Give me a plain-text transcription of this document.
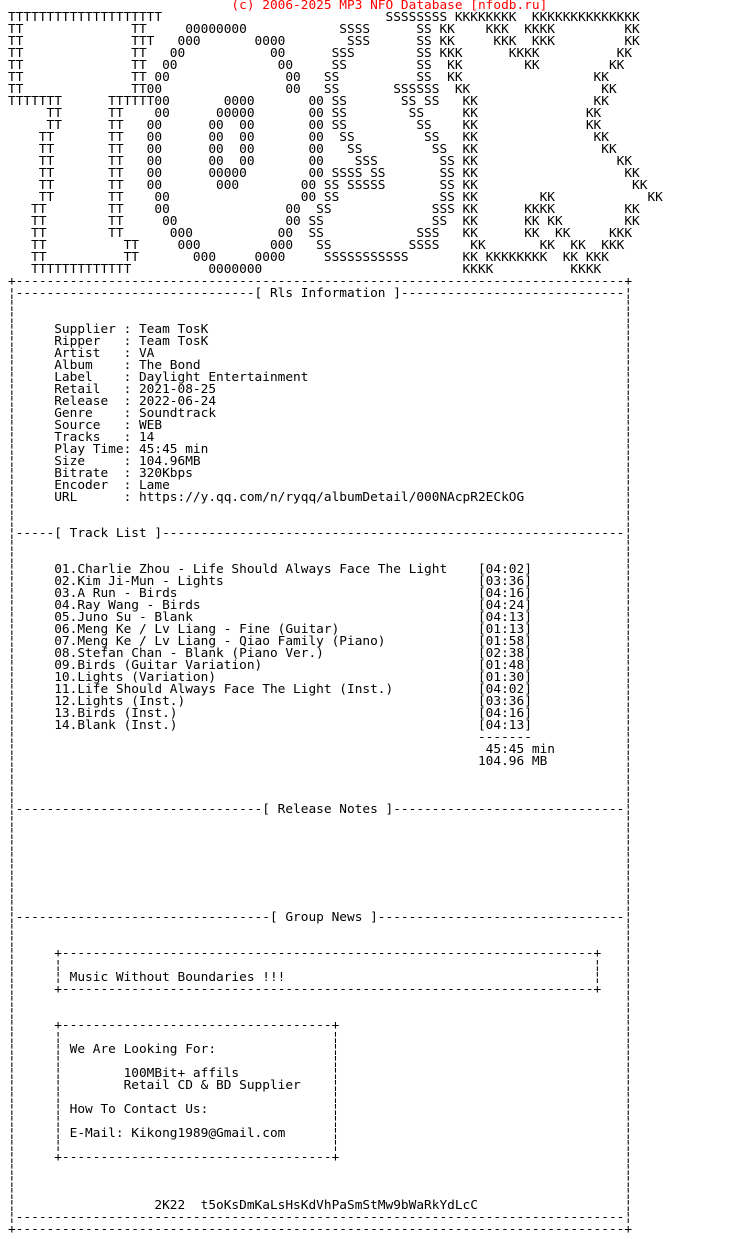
(c) 2006-2025 MP3 NFO Database [nfodb.ru]
TTTTTTTTTTTTTTTTTTTT                             SSSSSSSS KKKKKKKK  KKKKKKKKKKKKKK
TT              TT     00000000            SSSS      SS KK    KKK  KKKK         KK
TT              TTT   000       0000        SSS      SS KK     KKK  KKK         KK
TT              TT   00           00      SSS        SS KKK      KKKK          KK
TT              TT  00             00     SS         SS  KK        KK         KK
TT              TT 00               00   SS          SS  KK                 KK
TT              TT00                00   SS       SSSSSS  KK                 KK
TTTTTTT      TTTTTT00       0000       00 SS       SS SS   KK               KK
TT      TT    00      00000       00 SS        SS     KK              KK
TT      TT   00      00  00       00 SS         SS    KK              KK
TT       TT   00      00  00       00  SS         SS   KK               KK
TT       TT   00      00  00       00   SS         SS  KK                KK
TT       TT   00      00  00       00    SSS        SS KK                  KK
TT       TT   00      00000        00 SSSS SS       SS KK                   KK
TT       TT   00       000        00 SS SSSSS       SS KK                    KK
TT       TT    00                 00 SS             SS KK        KK            KK
TT        TT    00               00  SS             SSS KK      KKKK         KK
TT        TT     00              00 SS              SS  KK      KK KK        KK
TT        TT      000           00  SS            SSS   KK      KK  KK     KKK
TT          TT     000         000   SS          SSSS    KK       KK  KK  KKK
TT          TT       000     0000     SSSSSSSSSSS       KK KKKKKKKK  KK KKK
TTTTTTTTTTTTT          0000000                          KKKK          KKKK
+-------------------------------------------------------------------------------+
¦-------------------------------[ Rls Information ]-----------------------------¦
¦                                                                               ¦
¦                                                                               ¦
¦     Supplier : Team TosK                                                      ¦
¦     Ripper   : Team TosK                                                      ¦
¦     Artist   : VA                                                             ¦
¦     Album    : The Bond                                                       ¦
¦     Label    : Daylight Entertainment                                         ¦
¦     Retail   : 2021-08-25                                                     ¦
¦     Release  : 2022-06-24                                                     ¦
¦     Genre    : Soundtrack                                                     ¦
¦     Source   : WEB                                                            ¦
¦     Tracks   : 14                                                             ¦
¦     Play Time: 45:45 min                                                      ¦
¦     Size     : 104.96MB                                                       ¦
¦     Bitrate  : 320Kbps                                                        ¦
¦     Encoder  : Lame                                                           ¦
¦     URL      : https://y.qq.com/n/ryqq/albumDetail/000NAcpR2ECkOG             ¦
¦                                                                               ¦
¦                                                                               ¦
¦-----[ Track List ]------------------------------------------------------------¦
¦                                                                               ¦
¦                                                                               ¦
¦     01.Charlie Zhou - Life Should Always Face The Light    [04:02]            ¦
¦     02.Kim Ji-Mun - Lights                                 [03:36]            ¦
¦     03.A Run - Birds                                       [04:16]            ¦
¦     04.Ray Wang - Birds                                    [04:24]            ¦
¦     05.Juno Su - Blank                                     [04:13]            ¦
¦     06.Meng Ke / Lv Liang - Fine (Guitar)                  [01:13]            ¦
¦     07.Meng Ke / Lv Liang - Qiao Family (Piano)            [01:58]            ¦
¦     08.Stefan Chan - Blank (Piano Ver.)                    [02:38]            ¦
¦     09.Birds (Guitar Variation)                            [01:48]            ¦
¦     10.Lights (Variation)                                  [01:30]            ¦
¦     11.Life Should Always Face The Light (Inst.)           [04:02]            ¦
¦     12.Lights (Inst.)                                      [03:36]            ¦
¦     13.Birds (Inst.)                                       [04:16]            ¦
¦     14.Blank (Inst.)                                       [04:13]            ¦
¦                                                            -------            ¦
¦                                                             45:45 min         ¦
¦                                                            104.96 MB          ¦
¦                                                                               ¦
¦                                                                               ¦
¦                                                                               ¦
¦--------------------------------[ Release Notes ]------------------------------¦
¦                                                                               ¦
¦                                                                               ¦
¦                                                                               ¦
¦                                                                               ¦
¦                                                                               ¦
¦                                                                               ¦
¦                                                                               ¦
¦                                                                               ¦
¦---------------------------------[ Group News ]--------------------------------¦
¦                                                                               ¦
¦                                                                               ¦
¦     +---------------------------------------------------------------------+   ¦
¦     ¦                                                                     ¦   ¦
¦     ¦ Music Without Boundaries !!!                                        ¦   ¦
¦     +---------------------------------------------------------------------+   ¦
¦                                                                               ¦
¦                                                                               ¦
¦     +-----------------------------------+                                     ¦
¦     ¦                                   ¦                                     ¦
¦     ¦ We Are Looking For:               ¦                                     ¦
¦     ¦                                   ¦                                     ¦
¦     ¦        100MBit+ affils            ¦                                     ¦
¦     ¦        Retail CD & BD Supplier    ¦                                     ¦
¦     ¦                                   ¦                                     ¦
¦     ¦ How To Contact Us:                ¦                                     ¦
¦     ¦                                   ¦                                     ¦
¦     ¦ E-Mail: Kikong1989@Gmail.com      ¦                                     ¦
¦     ¦                                   ¦                                     ¦
¦     +-----------------------------------+                                     ¦
¦                                                                               ¦
¦                                                                               ¦
¦                                                                               ¦
¦                  2K22  t5oKsDmKaLsHsKdVhPaSmStMw9bWaRkYdLcC                   ¦
¦-------------------------------------------------------------------------------¦
+-------------------------------------------------------------------------------+
